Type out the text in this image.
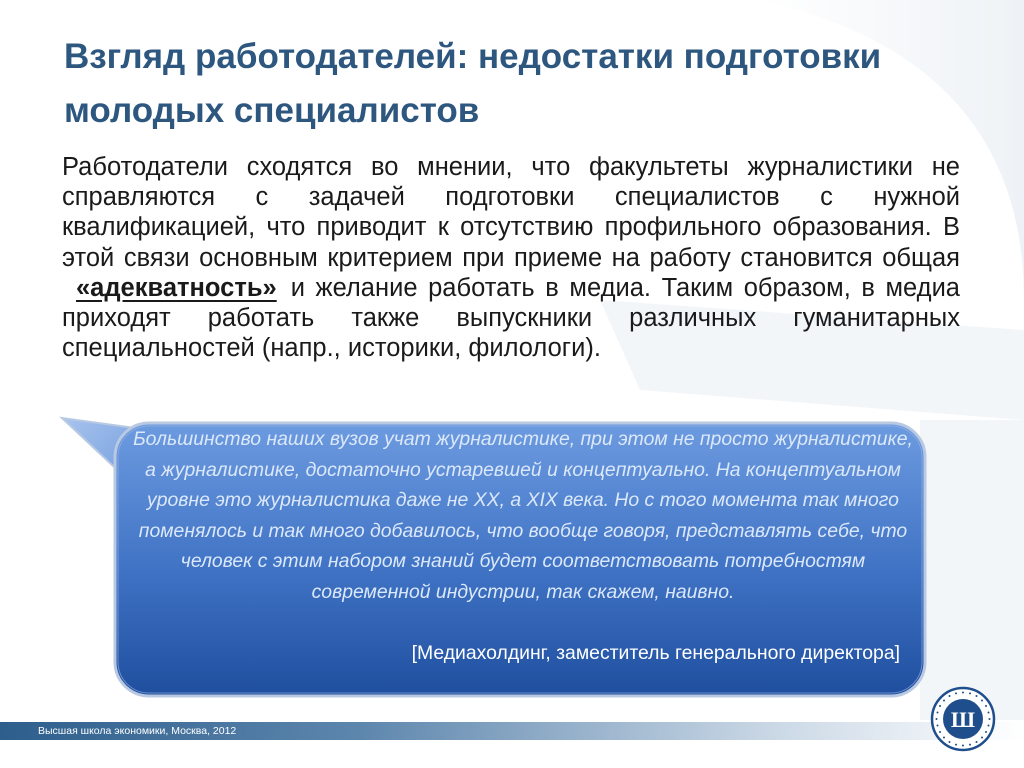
Взгляд работодателей: недостатки подготовки молодых специалистов

Работодатели сходятся во мнении, что факультеты журналистики не справляются с задачей подготовки специалистов с нужной квалификацией, что приводит к отсутствию профильного образования. В этой связи основным критерием при приеме на работу становится общая «адекватность» и желание работать в медиа. Таким образом, в медиа приходят работать также выпускники различных гуманитарных специальностей (напр., историки, филологи).

Большинство наших вузов учат журналистике, при этом не просто журналистике, а журналистике, достаточно устаревшей и концептуально. На концептуальном уровне это журналистика даже не XX, а XIX века. Но с того момента так много поменялось и так много добавилось, что вообще говоря, представлять себе, что человек с этим набором знаний будет соответствовать потребностям современной индустрии, так скажем, наивно.

[Медиахолдинг, заместитель генерального директора]
Высшая школа экономики, Москва, 2012	Ш
